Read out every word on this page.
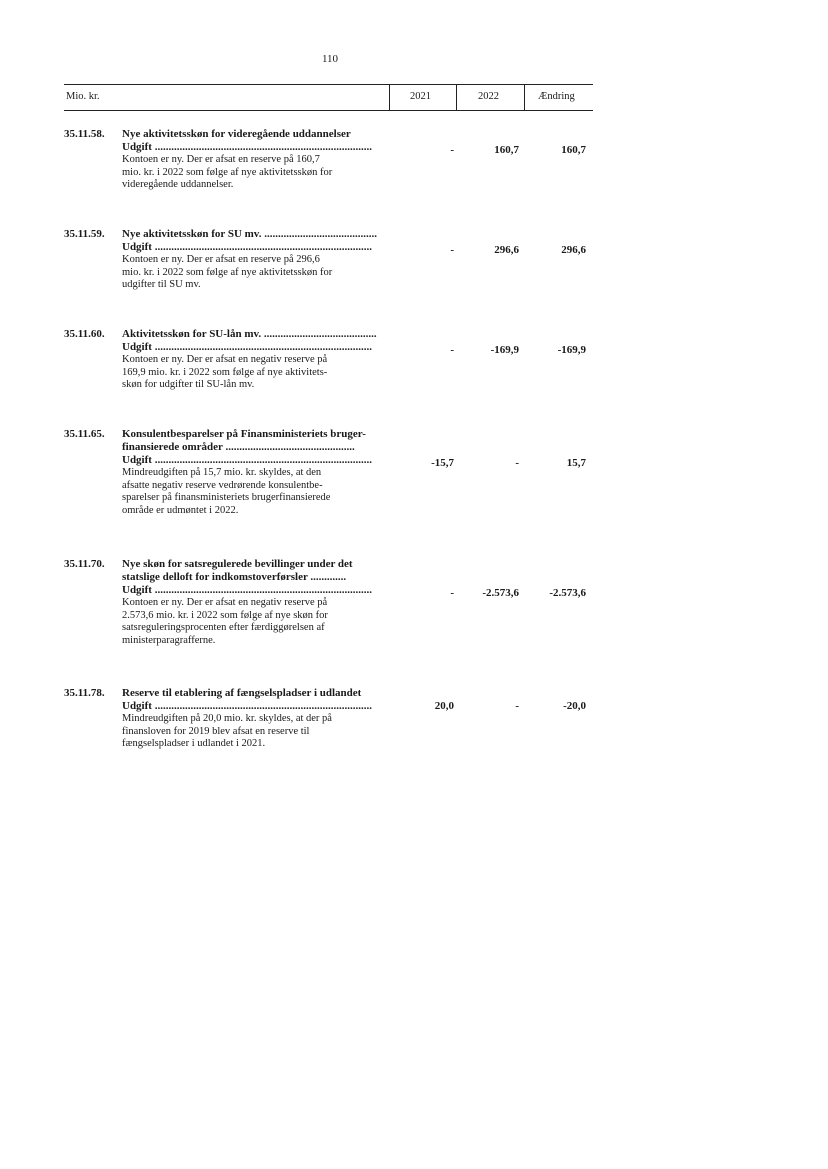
110
Mio. kr.	2021	2022	Ændring
35.11.58. Nye aktivitetsskøn for videregående uddannelser
Udgift ...............................................................................
Kontoen er ny. Der er afsat en reserve på 160,7
mio. kr. i 2022 som følge af nye aktivitetsskøn for
videregående uddannelser.
-	160,7	160,7
35.11.59. Nye aktivitetsskøn for SU mv. .........................................
Udgift ...............................................................................
Kontoen er ny. Der er afsat en reserve på 296,6
mio. kr. i 2022 som følge af nye aktivitetsskøn for
udgifter til SU mv.
-	296,6	296,6
35.11.60. Aktivitetsskøn for SU-lån mv. .........................................
Udgift ...............................................................................
Kontoen er ny. Der er afsat en negativ reserve på
169,9 mio. kr. i 2022 som følge af nye aktivitets-
skøn for udgifter til SU-lån mv.
-	-169,9	-169,9
35.11.65. Konsulentbesparelser på Finansministeriets bruger-
finansierede områder ...............................................
Udgift ...............................................................................
Mindreudgiften på 15,7 mio. kr. skyldes, at den
afsatte negativ reserve vedrørende konsulentbe-
sparelser på finansministeriets brugerfinansierede
område er udmøntet i 2022.
-15,7	-	15,7
35.11.70. Nye skøn for satsregulerede bevillinger under det
statslige delloft for indkomstoverførsler .............
Udgift ...............................................................................
Kontoen er ny. Der er afsat en negativ reserve på
2.573,6 mio. kr. i 2022 som følge af nye skøn for
satsreguleringsprocenten efter færdiggørelsen af
ministerparagrafferne.
-	-2.573,6	-2.573,6
35.11.78. Reserve til etablering af fængselspladser i udlandet
Udgift ...............................................................................
Mindreudgiften på 20,0 mio. kr. skyldes, at der på
finansloven for 2019 blev afsat en reserve til
fængselspladser i udlandet i 2021.
20,0	-	-20,0
